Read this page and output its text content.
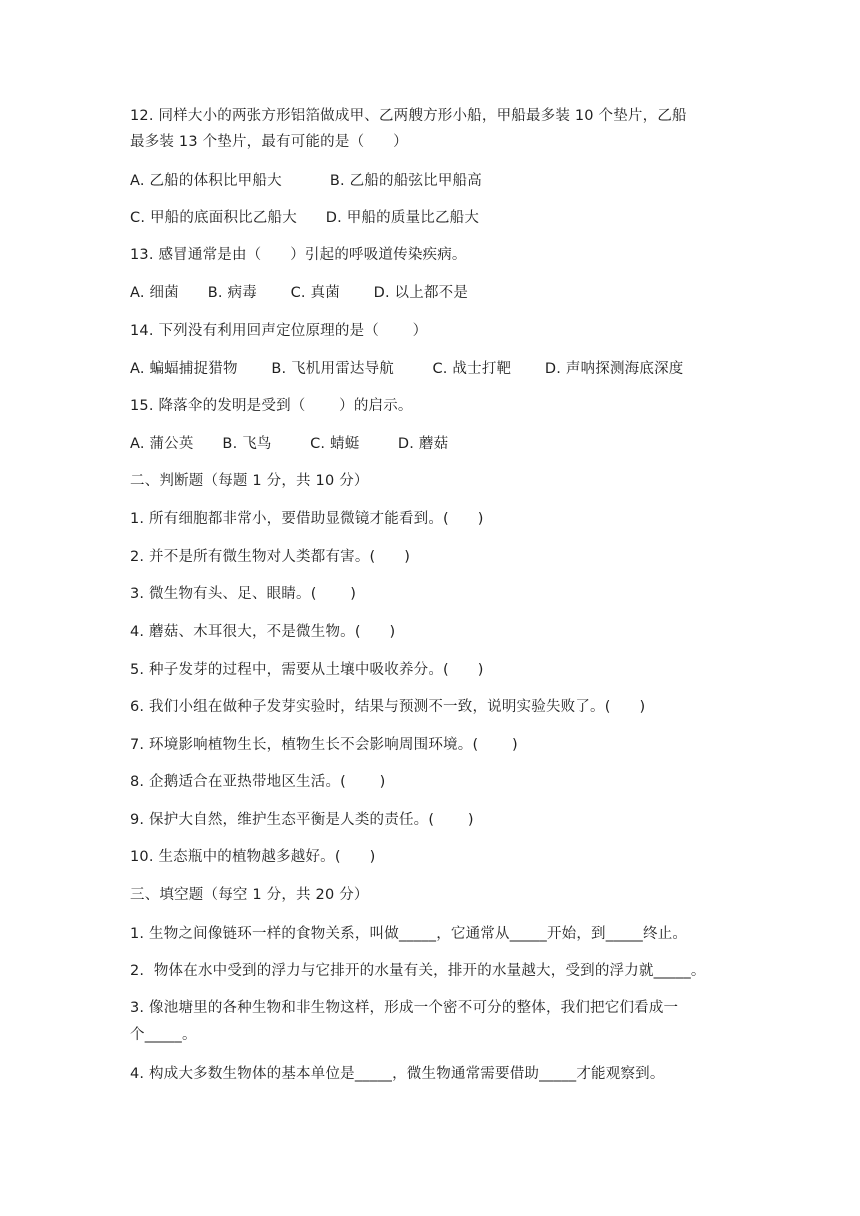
12. 同样大小的两张方形铝箔做成甲、乙两艘方形小船，甲船最多装 10 个垫片，乙船
最多装 13 个垫片，最有可能的是（      ）
A. 乙船的体积比甲船大          B. 乙船的船弦比甲船高
C. 甲船的底面积比乙船大      D. 甲船的质量比乙船大
13. 感冒通常是由（      ）引起的呼吸道传染疾病。
A. 细菌      B. 病毒       C. 真菌       D. 以上都不是
14. 下列没有利用回声定位原理的是（       ）
A. 蝙蝠捕捉猎物       B. 飞机用雷达导航        C. 战士打靶       D. 声呐探测海底深度
15. 降落伞的发明是受到（       ）的启示。
A. 蒲公英      B. 飞鸟        C. 蜻蜓        D. 蘑菇
二、判断题（每题 1 分，共 10 分）
1. 所有细胞都非常小，要借助显微镜才能看到。(      )
2. 并不是所有微生物对人类都有害。(      )
3. 微生物有头、足、眼睛。(       )
4. 蘑菇、木耳很大，不是微生物。(      )
5. 种子发芽的过程中，需要从土壤中吸收养分。(      )
6. 我们小组在做种子发芽实验时，结果与预测不一致，说明实验失败了。(      )
7. 环境影响植物生长，植物生长不会影响周围环境。(       )
8. 企鹅适合在亚热带地区生活。(       )
9. 保护大自然，维护生态平衡是人类的责任。(       )
10. 生态瓶中的植物越多越好。(      )
三、填空题（每空 1 分，共 20 分）
1. 生物之间像链环一样的食物关系，叫做_____，它通常从_____开始，到_____终止。
2.  物体在水中受到的浮力与它排开的水量有关，排开的水量越大，受到的浮力就_____。
3. 像池塘里的各种生物和非生物这样，形成一个密不可分的整体，我们把它们看成一
个_____。
4. 构成大多数生物体的基本单位是_____，微生物通常需要借助_____才能观察到。
